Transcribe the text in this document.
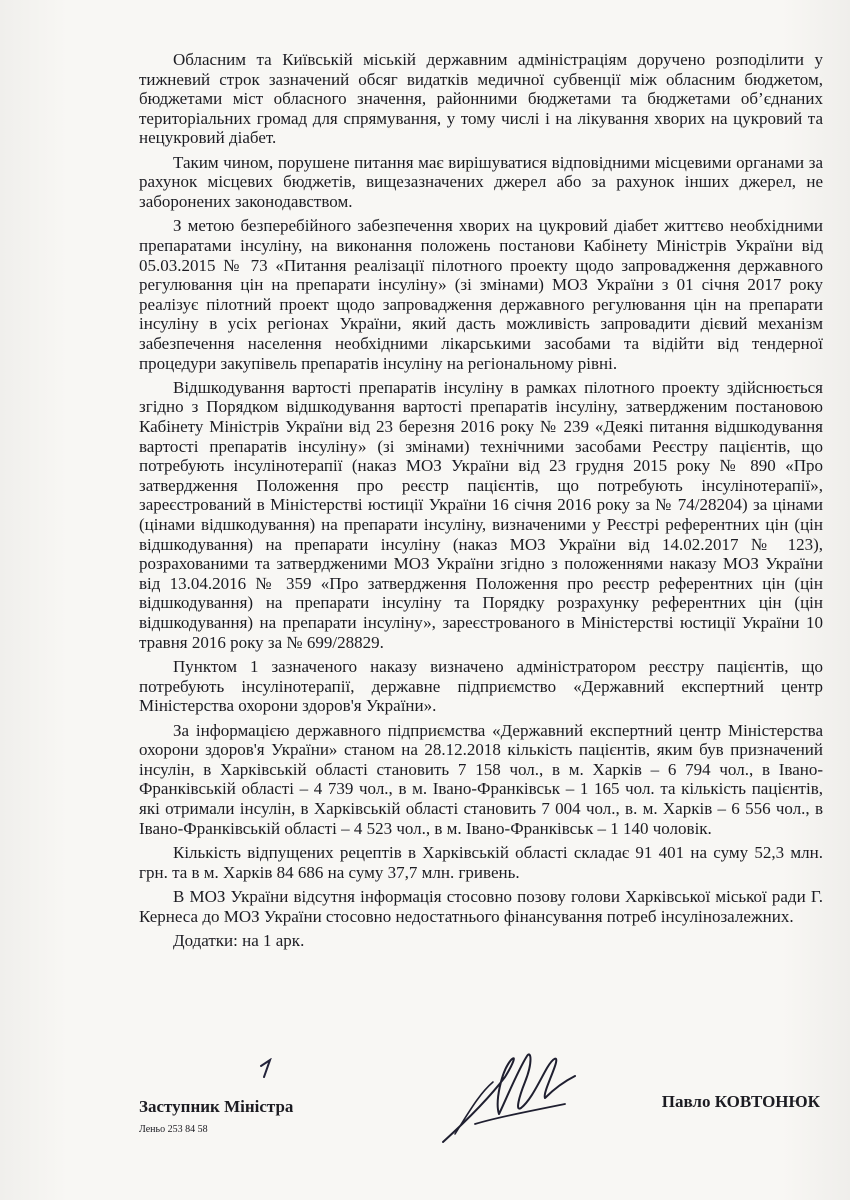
Обласним та Київській міській державним адміністраціям доручено розподілити у тижневий строк зазначений обсяг видатків медичної субвенції між обласним бюджетом, бюджетами міст обласного значення, районними бюджетами та бюджетами об’єднаних територіальних громад для спрямування, у тому числі і на лікування хворих на цукровий та нецукровий діабет.

Таким чином, порушене питання має вирішуватися відповідними місцевими органами за рахунок місцевих бюджетів, вищезазначених джерел або за рахунок інших джерел, не заборонених законодавством.

З метою безперебійного забезпечення хворих на цукровий діабет життєво необхідними препаратами інсуліну, на виконання положень постанови Кабінету Міністрів України від 05.03.2015 № 73 «Питання реалізації пілотного проекту щодо запровадження державного регулювання цін на препарати інсуліну» (зі змінами) МОЗ України з 01 січня 2017 року реалізує пілотний проект щодо запровадження державного регулювання цін на препарати інсуліну в усіх регіонах України, який дасть можливість запровадити дієвий механізм забезпечення населення необхідними лікарськими засобами та відійти від тендерної процедури закупівель препаратів інсуліну на регіональному рівні.

Відшкодування вартості препаратів інсуліну в рамках пілотного проекту здійснюється згідно з Порядком відшкодування вартості препаратів інсуліну, затвердженим постановою Кабінету Міністрів України від 23 березня 2016 року № 239 «Деякі питання відшкодування вартості препаратів інсуліну» (зі змінами) технічними засобами Реєстру пацієнтів, що потребують інсулінотерапії (наказ МОЗ України від 23 грудня 2015 року № 890 «Про затвердження Положення про реєстр пацієнтів, що потребують інсулінотерапії», зареєстрований в Міністерстві юстиції України 16 січня 2016 року за № 74/28204) за цінами (цінами відшкодування) на препарати інсуліну, визначеними у Реєстрі референтних цін (цін відшкодування) на препарати інсуліну (наказ МОЗ України від 14.02.2017 № 123), розрахованими та затвердженими МОЗ України згідно з положеннями наказу МОЗ України від 13.04.2016 № 359 «Про затвердження Положення про реєстр референтних цін (цін відшкодування) на препарати інсуліну та Порядку розрахунку референтних цін (цін відшкодування) на препарати інсуліну», зареєстрованого в Міністерстві юстиції України 10 травня 2016 року за № 699/28829.

Пунктом 1 зазначеного наказу визначено адміністратором реєстру пацієнтів, що потребують інсулінотерапії, державне підприємство «Державний експертний центр Міністерства охорони здоров'я України».

За інформацією державного підприємства «Державний експертний центр Міністерства охорони здоров'я України» станом на 28.12.2018 кількість пацієнтів, яким був призначений інсулін, в Харківській області становить 7 158 чол., в м. Харків – 6 794 чол., в Івано-Франківській області – 4 739 чол., в м. Івано-Франківськ – 1 165 чол. та кількість пацієнтів, які отримали інсулін, в Харківській області становить 7 004 чол., в. м. Харків – 6 556 чол., в Івано-Франківській області – 4 523 чол., в м. Івано-Франківськ – 1 140 чоловік.

Кількість відпущених рецептів в Харківській області складає 91 401 на суму 52,3 млн. грн. та в м. Харків 84 686 на суму 37,7 млн. гривень.

В МОЗ України відсутня інформація стосовно позову голови Харківської міської ради Г. Кернеса до МОЗ України стосовно недостатнього фінансування потреб інсулінозалежних.

Додатки: на 1 арк.

Заступник Міністра	Павло КОВТОНЮК
Леньо 253 84 58
